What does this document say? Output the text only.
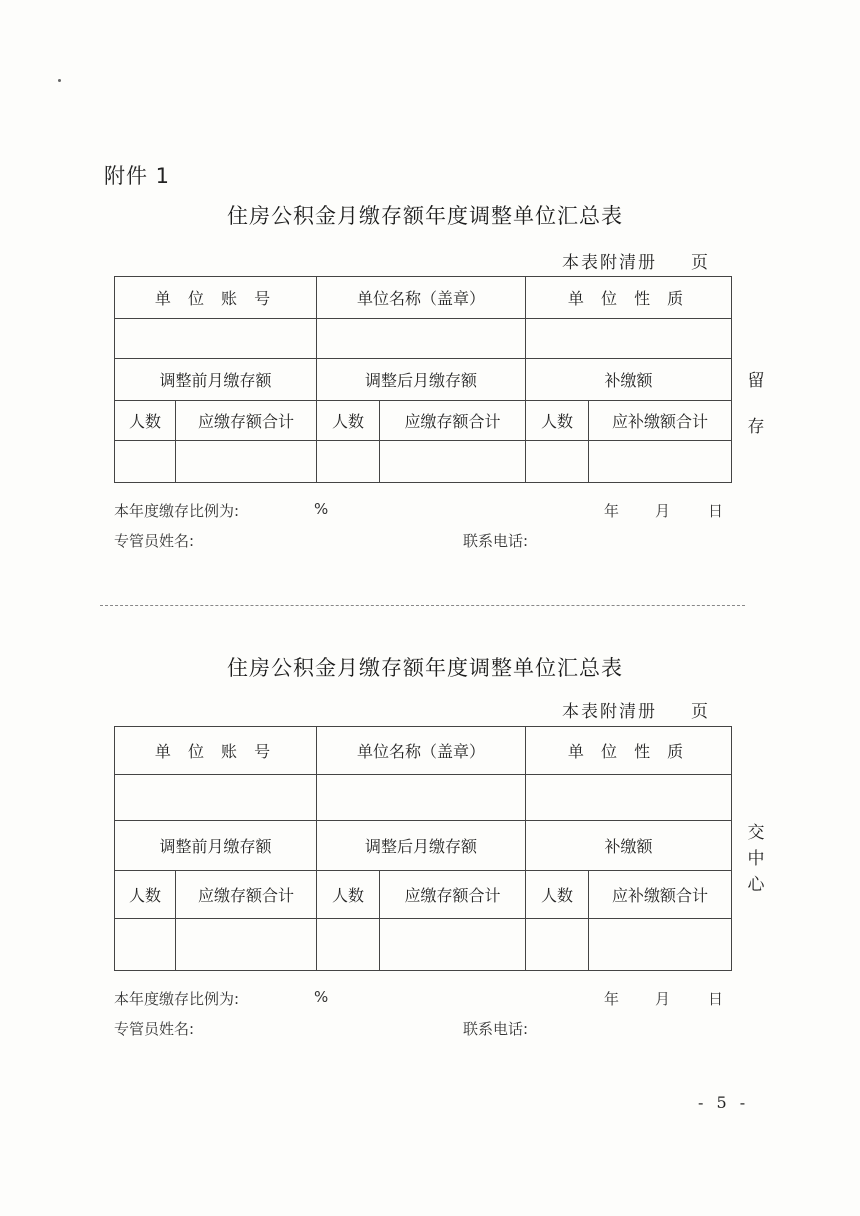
附件 1
住房公积金月缴存额年度调整单位汇总表
本表附清册 页
单 位 账 号		单位名称（盖章）		单 位 性 质	

调整前月缴存额		调整后月缴存额		补缴额	
人数	应缴存额合计	人数	应缴存额合计	人数	应补缴额合计

留
存
本年度缴存比例为:	%	年 月	日
专管员姓名:	联系电话:
住房公积金月缴存额年度调整单位汇总表
本表附清册 页
单 位 账 号		单位名称（盖章）		单 位 性 质	

调整前月缴存额		调整后月缴存额		补缴额	
人数	应缴存额合计	人数	应缴存额合计	人数	应补缴额合计

交
中
心
本年度缴存比例为:	%	年 月	日
专管员姓名:	联系电话:
- 5 -
